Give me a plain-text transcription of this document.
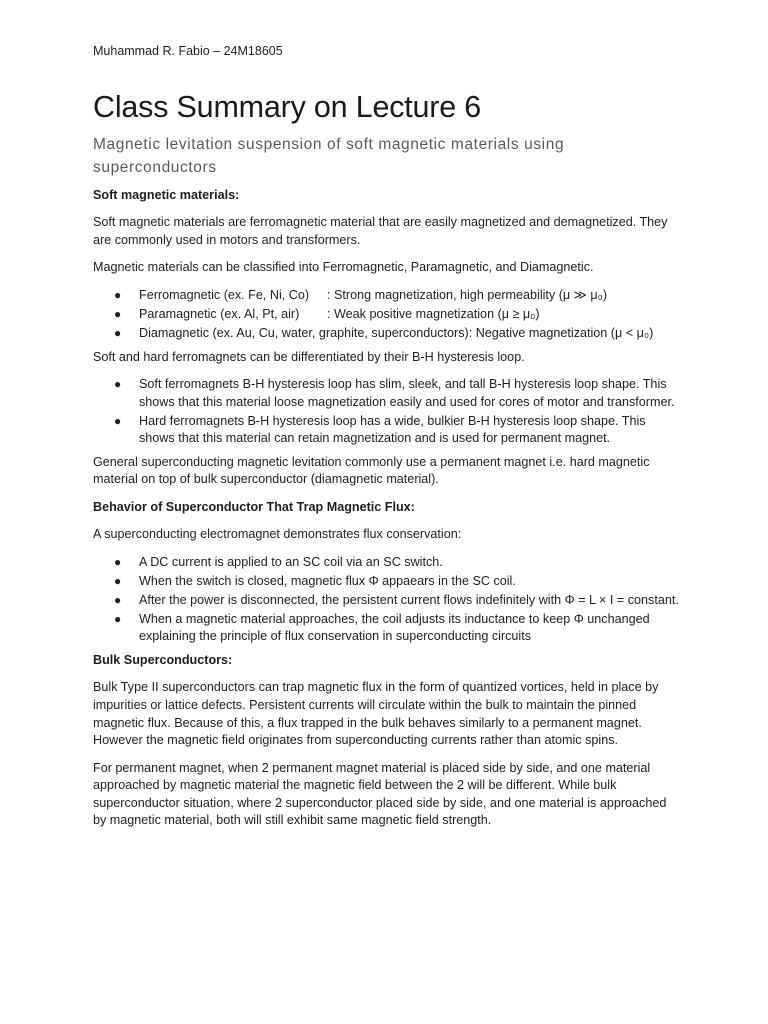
Muhammad R. Fabio – 24M18605
Class Summary on Lecture 6
Magnetic levitation suspension of soft magnetic materials using superconductors

Soft magnetic materials:

Soft magnetic materials are ferromagnetic material that are easily magnetized and demagnetized. They are commonly used in motors and transformers.

Magnetic materials can be classified into Ferromagnetic, Paramagnetic, and Diamagnetic.

● Ferromagnetic (ex. Fe, Ni, Co) : Strong magnetization, high permeability (μ ≫ μ₀)
● Paramagnetic (ex. Al, Pt, air) : Weak positive magnetization (μ ≥ μ₀)
● Diamagnetic (ex. Au, Cu, water, graphite, superconductors): Negative magnetization (μ < μ₀)

Soft and hard ferromagnets can be differentiated by their B-H hysteresis loop.

● Soft ferromagnets B-H hysteresis loop has slim, sleek, and tall B-H hysteresis loop shape. This shows that this material loose magnetization easily and used for cores of motor and transformer.
● Hard ferromagnets B-H hysteresis loop has a wide, bulkier B-H hysteresis loop shape. This shows that this material can retain magnetization and is used for permanent magnet.

General superconducting magnetic levitation commonly use a permanent magnet i.e. hard magnetic material on top of bulk superconductor (diamagnetic material).

Behavior of Superconductor That Trap Magnetic Flux:

A superconducting electromagnet demonstrates flux conservation:

● A DC current is applied to an SC coil via an SC switch.
● When the switch is closed, magnetic flux Φ appaears in the SC coil.
● After the power is disconnected, the persistent current flows indefinitely with Φ = L × I = constant.
● When a magnetic material approaches, the coil adjusts its inductance to keep Φ unchanged explaining the principle of flux conservation in superconducting circuits

Bulk Superconductors:

Bulk Type II superconductors can trap magnetic flux in the form of quantized vortices, held in place by impurities or lattice defects. Persistent currents will circulate within the bulk to maintain the pinned magnetic flux. Because of this, a flux trapped in the bulk behaves similarly to a permanent magnet. However the magnetic field originates from superconducting currents rather than atomic spins.

For permanent magnet, when 2 permanent magnet material is placed side by side, and one material approached by magnetic material the magnetic field between the 2 will be different. While bulk superconductor situation, where 2 superconductor placed side by side, and one material is approached by magnetic material, both will still exhibit same magnetic field strength.
